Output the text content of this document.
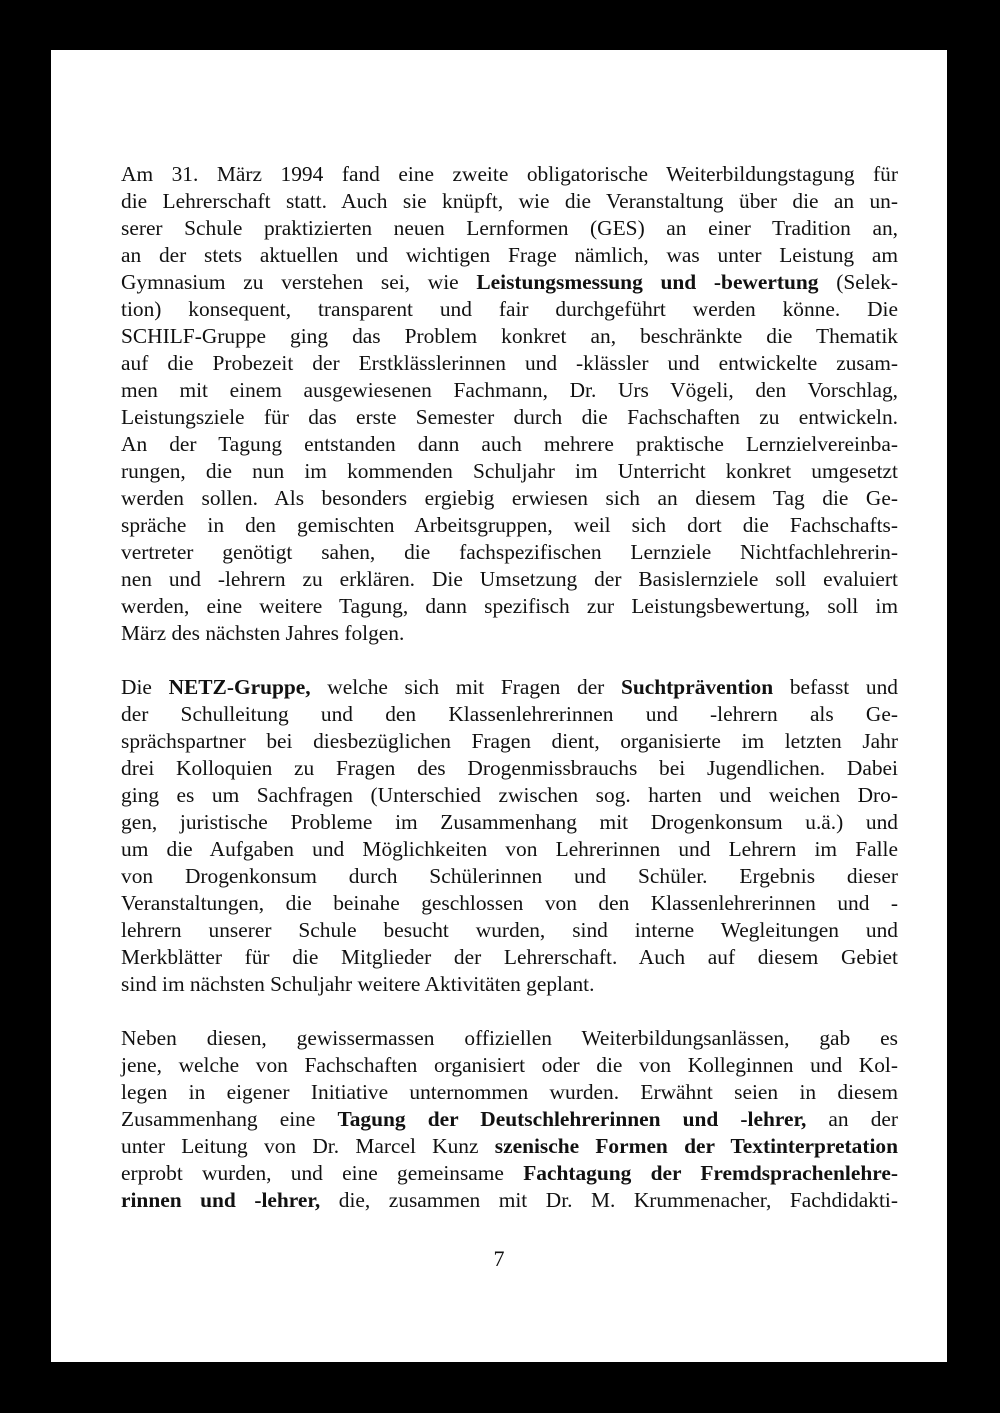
Am 31. März 1994 fand eine zweite obligatorische Weiterbildungstagung für
die Lehrerschaft statt. Auch sie knüpft, wie die Veranstaltung über die an un-
serer Schule praktizierten neuen Lernformen (GES) an einer Tradition an,
an der stets aktuellen und wichtigen Frage nämlich, was unter Leistung am
Gymnasium zu verstehen sei, wie Leistungsmessung und -bewertung (Selek-
tion) konsequent, transparent und fair durchgeführt werden könne. Die
SCHILF-Gruppe ging das Problem konkret an, beschränkte die Thematik
auf die Probezeit der Erstklässlerinnen und -klässler und entwickelte zusam-
men mit einem ausgewiesenen Fachmann, Dr. Urs Vögeli, den Vorschlag,
Leistungsziele für das erste Semester durch die Fachschaften zu entwickeln.
An der Tagung entstanden dann auch mehrere praktische Lernzielvereinba-
rungen, die nun im kommenden Schuljahr im Unterricht konkret umgesetzt
werden sollen. Als besonders ergiebig erwiesen sich an diesem Tag die Ge-
spräche in den gemischten Arbeitsgruppen, weil sich dort die Fachschafts-
vertreter genötigt sahen, die fachspezifischen Lernziele Nichtfachlehrerin-
nen und -lehrern zu erklären. Die Umsetzung der Basislernziele soll evaluiert
werden, eine weitere Tagung, dann spezifisch zur Leistungsbewertung, soll im
März des nächsten Jahres folgen.
Die NETZ-Gruppe, welche sich mit Fragen der Suchtprävention befasst und
der Schulleitung und den Klassenlehrerinnen und -lehrern als Ge-
sprächspartner bei diesbezüglichen Fragen dient, organisierte im letzten Jahr
drei Kolloquien zu Fragen des Drogenmissbrauchs bei Jugendlichen. Dabei
ging es um Sachfragen (Unterschied zwischen sog. harten und weichen Dro-
gen, juristische Probleme im Zusammenhang mit Drogenkonsum u.ä.) und
um die Aufgaben und Möglichkeiten von Lehrerinnen und Lehrern im Falle
von Drogenkonsum durch Schülerinnen und Schüler. Ergebnis dieser
Veranstaltungen, die beinahe geschlossen von den Klassenlehrerinnen und -
lehrern unserer Schule besucht wurden, sind interne Wegleitungen und
Merkblätter für die Mitglieder der Lehrerschaft. Auch auf diesem Gebiet
sind im nächsten Schuljahr weitere Aktivitäten geplant.
Neben diesen, gewissermassen offiziellen Weiterbildungsanlässen, gab es
jene, welche von Fachschaften organisiert oder die von Kolleginnen und Kol-
legen in eigener Initiative unternommen wurden. Erwähnt seien in diesem
Zusammenhang eine Tagung der Deutschlehrerinnen und -lehrer, an der
unter Leitung von Dr. Marcel Kunz szenische Formen der Textinterpretation
erprobt wurden, und eine gemeinsame Fachtagung der Fremdsprachenlehre-
rinnen und -lehrer, die, zusammen mit Dr. M. Krummenacher, Fachdidakti-
7
